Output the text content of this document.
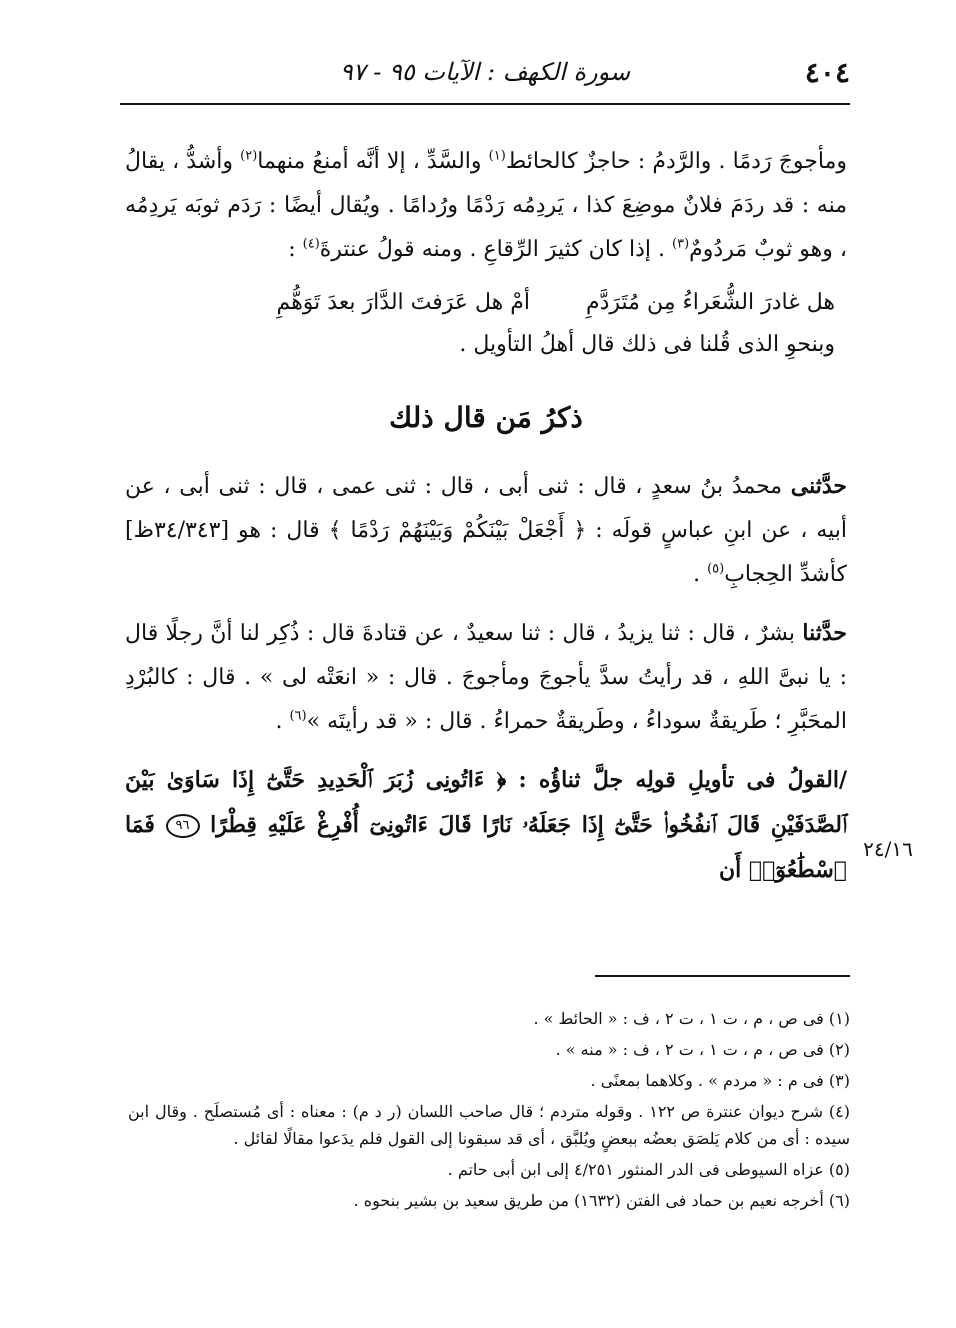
٤٠٤
سورة الكهف : الآيات ٩٥ - ٩٧
٢٤/١٦

ومأجوجَ رَدمًا . والرَّدمُ : حاجزٌ كالحائط$^{(١)}$ والسَّدِّ ، إلا أنَّه أمنعُ منهما$^{(٢)}$ وأشدُّ ، يقالُ منه : قد ردَمَ فلانٌ موضِعَ كذا ، يَردِمُه رَدْمًا ورُدامًا . ويُقال أيضًا : رَدَم ثوبَه يَردِمُه ، وهو ثوبٌ مَردُومٌ$^{(٣)}$ . إذا كان كثيرَ الرِّقاعِ . ومنه قولُ عنترةَ$^{(٤)}$ :

هل غادرَ الشُّعَراءُ مِن مُتَرَدَّمِ        أمْ هل عَرَفتَ الدَّارَ بعدَ تَوَهُّمِ
وبنحوِ الذى قُلنا فى ذلك قال أهلُ التأويل .
ذكرُ مَن قال ذلك

حدَّثنى محمدُ بنُ سعدٍ ، قال : ثنى أبى ، قال : ثنى عمى ، قال : ثنى أبى ، عن أبيه ، عن ابنِ عباسٍ قولَه : ﴿ أَجْعَلْ بَيْنَكُمْ وَبَيْنَهُمْ رَدْمًا ﴾ قال : هو [٣٤/٣٤٣ظ] كأشدِّ الحِجابِ$^{(٥)}$ .

حدَّثنا بشرٌ ، قال : ثنا يزيدُ ، قال : ثنا سعيدٌ ، عن قتادةَ قال : ذُكِر لنا أنَّ رجلًا قال : يا نبىَّ اللهِ ، قد رأيتُ سدَّ يأجوجَ ومأجوجَ . قال : « انعَتْه لى » . قال : كالبُرْدِ المحَبَّرِ ؛ طَريقةٌ سوداءُ ، وطَريقةٌ حمراءُ . قال : « قد رأيتَه »$^{(٦)}$ .

/القولُ فى تأويلِ قولِه جلَّ ثناؤُه : ﴿ ءَاتُونِى زُبَرَ ٱلْحَدِيدِ حَتَّىٰٓ إِذَا سَاوَىٰ بَيْنَ ٱلصَّدَفَيْنِ قَالَ ٱنفُخُوا۟ حَتَّىٰٓ إِذَا جَعَلَهُۥ نَارًا قَالَ ءَاتُونِىٓ أُفْرِغْ عَلَيْهِ قِطْرًا ٩٦ فَمَا ٱسْطَٰعُوٓا۟ أَن

(١) فى ص ، م ، ت ١ ، ت ٢ ، ف : « الحائط » .

(٢) فى ص ، م ، ت ١ ، ت ٢ ، ف : « منه » .

(٣) فى م : « مردم » . وكلاهما بمعنًى .

(٤) شرح ديوان عنترة ص ١٢٢ . وقوله متردم ؛ قال صاحب اللسان (ر د م) : معناه : أى مُستصلَح . وقال ابن سيده : أى من كلام يَلصَق بعضُه ببعضٍ ويُلبَّق ، أى قد سبقونا إلى القول فلم يدَعوا مقالًا لقائل .

(٥) عزاه السيوطى فى الدر المنثور ٤/٢٥١ إلى ابن أبى حاتم .

(٦) أخرجه نعيم بن حماد فى الفتن (١٦٣٢) من طريق سعيد بن بشير بنحوه .
